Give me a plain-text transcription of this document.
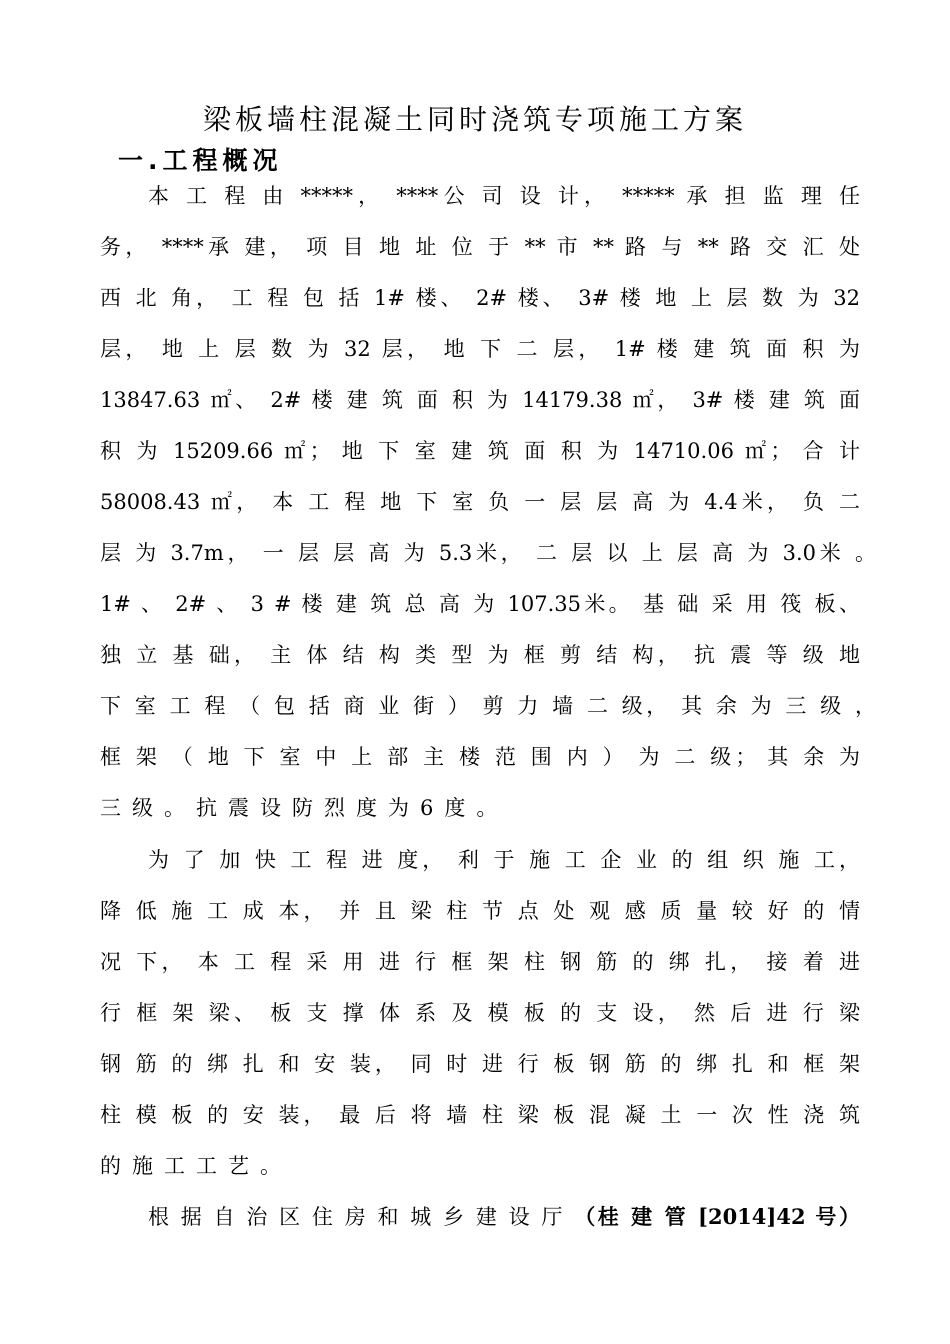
梁板墙柱混凝土同时浇筑专项施工方案
一.工程概况
本 工 程 由 *****， ****公 司 设 计， ***** 承 担 监 理 任
务， ****承 建， 项 目 地 址 位 于 ** 市 ** 路 与 ** 路 交 汇 处
西 北 角， 工 程 包 括 1# 楼、 2# 楼、 3# 楼 地 上 层 数 为 32
层， 地 上 层 数 为 32 层， 地 下 二 层， 1# 楼 建 筑 面 积 为
13847.63 ㎡、 2# 楼 建 筑 面 积 为 14179.38 ㎡， 3# 楼 建 筑 面
积 为 15209.66 ㎡； 地 下 室 建 筑 面 积 为 14710.06 ㎡； 合 计
58008.43 ㎡， 本 工 程 地 下 室 负 一 层 层 高 为 4.4米， 负 二
层 为 3.7m， 一 层 层 高 为 5.3米， 二 层 以 上 层 高 为 3.0米 。
1# 、 2# 、 3 # 楼 建 筑 总 高 为 107.35米。 基 础 采 用 筏 板、
独 立 基 础， 主 体 结 构 类 型 为 框 剪 结 构， 抗 震 等 级 地
下 室 工 程 （ 包 括 商 业 街 ） 剪 力 墙 二 级， 其 余 为 三 级 ，
框 架 （ 地 下 室 中 上 部 主 楼 范 围 内 ） 为 二 级； 其 余 为
三级。抗震设防烈度为6度。
为 了 加 快 工 程 进 度， 利 于 施 工 企 业 的 组 织 施 工，
降 低 施 工 成 本， 并 且 梁 柱 节 点 处 观 感 质 量 较 好 的 情
况 下， 本 工 程 采 用 进 行 框 架 柱 钢 筋 的 绑 扎， 接 着 进
行 框 架 梁、 板 支 撑 体 系 及 模 板 的 支 设， 然 后 进 行 梁
钢 筋 的 绑 扎 和 安 装， 同 时 进 行 板 钢 筋 的 绑 扎 和 框 架
柱 模 板 的 安 装， 最 后 将 墙 柱 梁 板 混 凝 土 一 次 性 浇 筑
的施工工艺。
根 据 自 治 区 住 房 和 城 乡 建 设 厅 （桂 建 管 [2014]42 号）
